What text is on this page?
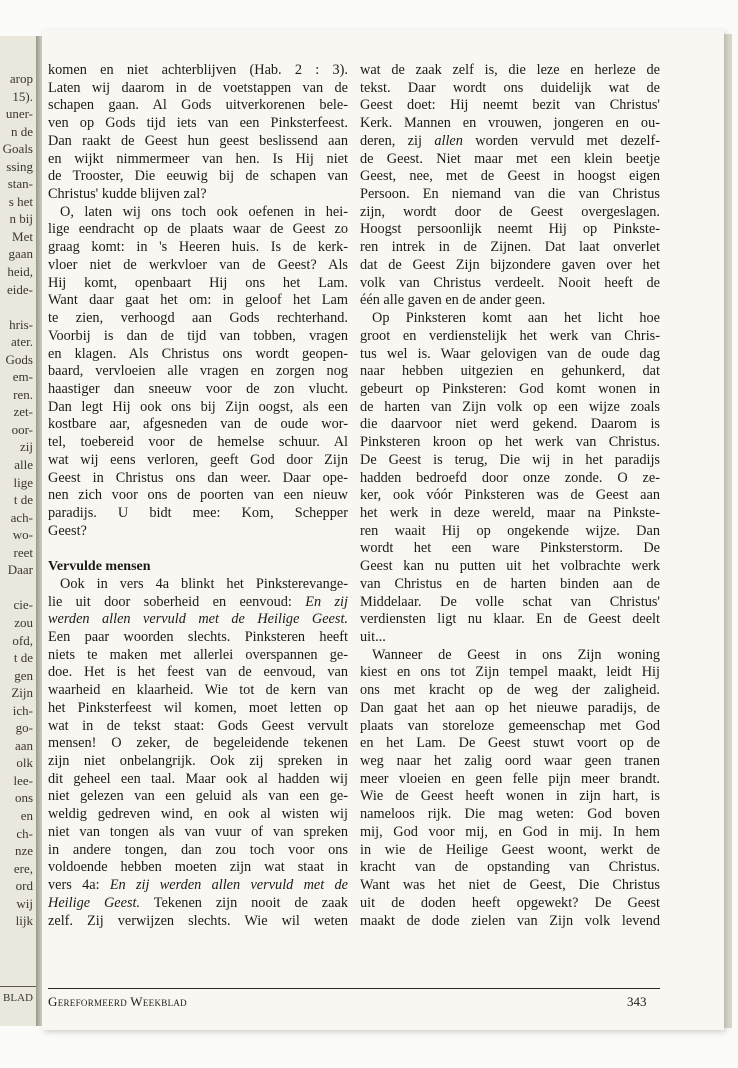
arop
15).
uner-
n de
Goals
ssing
stan-
s het
n bij
Met
gaan
heid,
eide-
hris-
ater.
Gods
em-
ren.
zet-
oor-
zij
alle
lige
t de
ach-
wo-
reet
Daar
cie-
zou
ofd,
t de
gen
Zijn
ich-
go-
aan
olk
lee-
ons
en
ch-
nze
ere,
ord
wij
lijk
BLAD
komen en niet achterblijven (Hab. 2 : 3).
Laten wij daarom in de voetstappen van de
schapen gaan. Al Gods uitverkorenen bele-
ven op Gods tijd iets van een Pinksterfeest.
Dan raakt de Geest hun geest beslissend aan
en wijkt nimmermeer van hen. Is Hij niet
de Trooster, Die eeuwig bij de schapen van
Christus' kudde blijven zal?
O, laten wij ons toch ook oefenen in hei-
lige eendracht op de plaats waar de Geest zo
graag komt: in 's Heeren huis. Is de kerk-
vloer niet de werkvloer van de Geest? Als
Hij komt, openbaart Hij ons het Lam.
Want daar gaat het om: in geloof het Lam
te zien, verhoogd aan Gods rechterhand.
Voorbij is dan de tijd van tobben, vragen
en klagen. Als Christus ons wordt geopen-
baard, vervloeien alle vragen en zorgen nog
haastiger dan sneeuw voor de zon vlucht.
Dan legt Hij ook ons bij Zijn oogst, als een
kostbare aar, afgesneden van de oude wor-
tel, toebereid voor de hemelse schuur. Al
wat wij eens verloren, geeft God door Zijn
Geest in Christus ons dan weer. Daar ope-
nen zich voor ons de poorten van een nieuw
paradijs. U bidt mee: Kom, Schepper
Geest?
Vervulde mensen
Ook in vers 4a blinkt het Pinksterevange-
lie uit door soberheid en eenvoud: En zij
werden allen vervuld met de Heilige Geest.
Een paar woorden slechts. Pinksteren heeft
niets te maken met allerlei overspannen ge-
doe. Het is het feest van de eenvoud, van
waarheid en klaarheid. Wie tot de kern van
het Pinksterfeest wil komen, moet letten op
wat in de tekst staat: Gods Geest vervult
mensen! O zeker, de begeleidende tekenen
zijn niet onbelangrijk. Ook zij spreken in
dit geheel een taal. Maar ook al hadden wij
niet gelezen van een geluid als van een ge-
weldig gedreven wind, en ook al wisten wij
niet van tongen als van vuur of van spreken
in andere tongen, dan zou toch voor ons
voldoende hebben moeten zijn wat staat in
vers 4a: En zij werden allen vervuld met de
Heilige Geest. Tekenen zijn nooit de zaak
zelf. Zij verwijzen slechts. Wie wil weten
wat de zaak zelf is, die leze en herleze de
tekst. Daar wordt ons duidelijk wat de
Geest doet: Hij neemt bezit van Christus'
Kerk. Mannen en vrouwen, jongeren en ou-
deren, zij allen worden vervuld met dezelf-
de Geest. Niet maar met een klein beetje
Geest, nee, met de Geest in hoogst eigen
Persoon. En niemand van die van Christus
zijn, wordt door de Geest overgeslagen.
Hoogst persoonlijk neemt Hij op Pinkste-
ren intrek in de Zijnen. Dat laat onverlet
dat de Geest Zijn bijzondere gaven over het
volk van Christus verdeelt. Nooit heeft de
één alle gaven en de ander geen.
Op Pinksteren komt aan het licht hoe
groot en verdienstelijk het werk van Chris-
tus wel is. Waar gelovigen van de oude dag
naar hebben uitgezien en gehunkerd, dat
gebeurt op Pinksteren: God komt wonen in
de harten van Zijn volk op een wijze zoals
die daarvoor niet werd gekend. Daarom is
Pinksteren kroon op het werk van Christus.
De Geest is terug, Die wij in het paradijs
hadden bedroefd door onze zonde. O ze-
ker, ook vóór Pinksteren was de Geest aan
het werk in deze wereld, maar na Pinkste-
ren waait Hij op ongekende wijze. Dan
wordt het een ware Pinksterstorm. De
Geest kan nu putten uit het volbrachte werk
van Christus en de harten binden aan de
Middelaar. De volle schat van Christus'
verdiensten ligt nu klaar. En de Geest deelt
uit...
Wanneer de Geest in ons Zijn woning
kiest en ons tot Zijn tempel maakt, leidt Hij
ons met kracht op de weg der zaligheid.
Dan gaat het aan op het nieuwe paradijs, de
plaats van storeloze gemeenschap met God
en het Lam. De Geest stuwt voort op de
weg naar het zalig oord waar geen tranen
meer vloeien en geen felle pijn meer brandt.
Wie de Geest heeft wonen in zijn hart, is
nameloos rijk. Die mag weten: God boven
mij, God voor mij, en God in mij. In hem
in wie de Heilige Geest woont, werkt de
kracht van de opstanding van Christus.
Want was het niet de Geest, Die Christus
uit de doden heeft opgewekt? De Geest
maakt de dode zielen van Zijn volk levend
Gereformeerd Weekblad	343
